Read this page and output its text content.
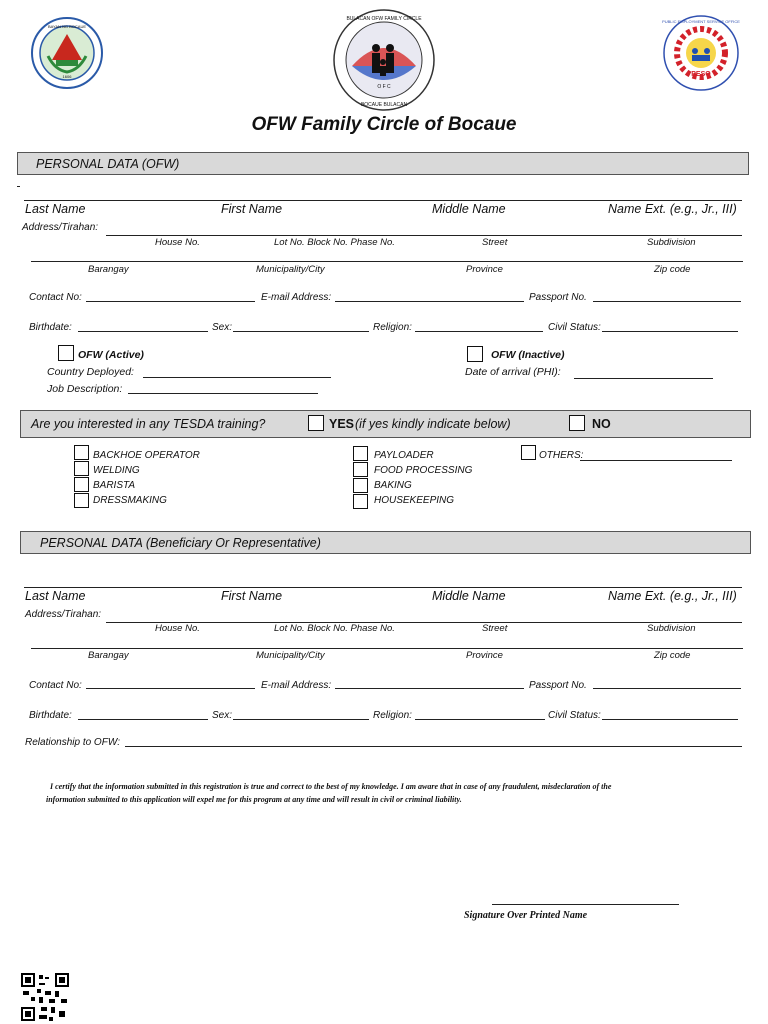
1606
BAYAN NG BOCAUE
O F C
BULACAN OFW FAMILY CIRCLE
BOCAUE BULACAN
PESO
PUBLIC EMPLOYMENT SERVICE OFFICE
OFW Family Circle of Bocaue
PERSONAL DATA (OFW)
Last Name	First Name	Middle Name	Name Ext. (e.g., Jr., III)
Address/Tirahan:
House No.	Lot No. Block No. Phase No.	Street	Subdivision
Barangay	Municipality/City	Province	Zip code
Contact No:	E-mail Address:	Passport No.
Birthdate:	Sex:	Religion:	Civil Status:
OFW (Active)	OFW (Inactive)
Country Deployed:
Job Description:
Date of arrival (PHI):
Are you interested in any TESDA training?	YES (if yes kindly indicate below)	NO
BACKHOE OPERATOR
WELDING
BARISTA
DRESSMAKING
PAYLOADER
FOOD PROCESSING
BAKING
HOUSEKEEPING
OTHERS:
PERSONAL DATA (Beneficiary Or Representative)
Last Name	First Name	Middle Name	Name Ext. (e.g., Jr., III)
Address/Tirahan:
House No.	Lot No. Block No. Phase No.	Street	Subdivision
Barangay	Municipality/City	Province	Zip code
Contact No:	E-mail Address:	Passport No.
Birthdate:	Sex:	Religion:	Civil Status:
Relationship to OFW:
I certify that the information submitted in this registration is true and correct to the best of my knowledge. I am aware that in case of any fraudulent, misdeclaration of the
information submitted to this application will expel me for this program at any time and will result in civil or criminal liability.
Signature Over Printed Name
